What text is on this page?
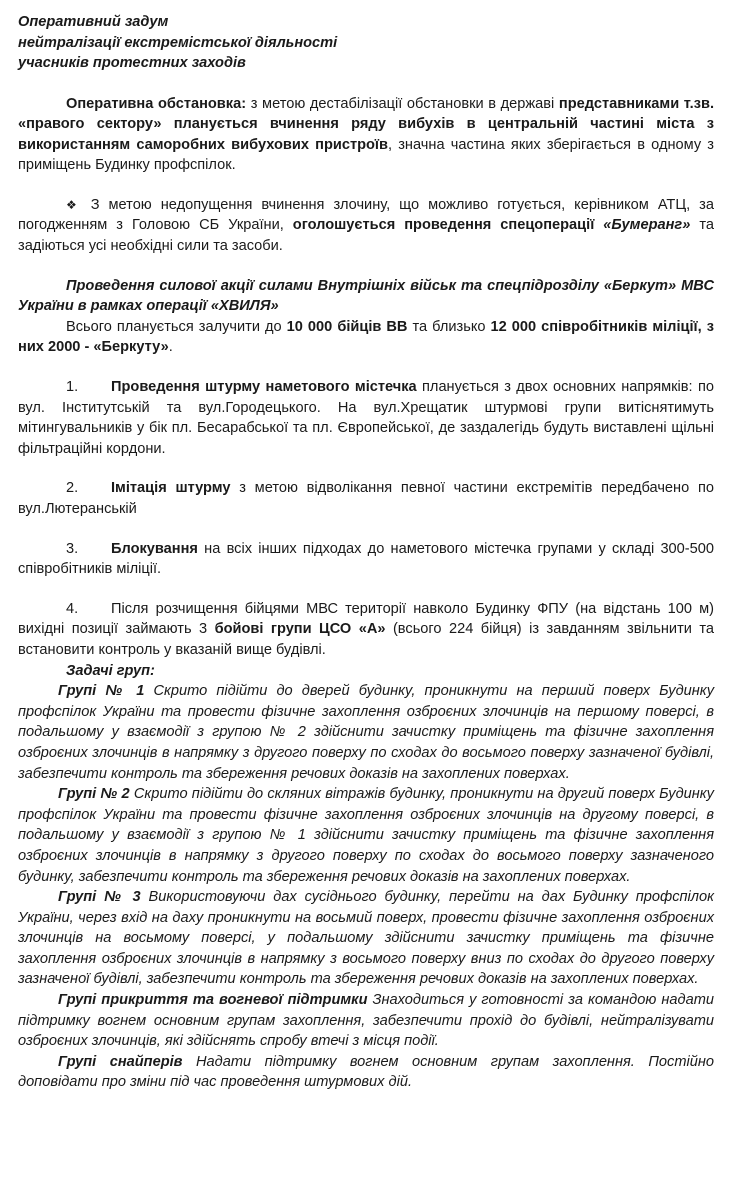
Оперативний задум
нейтралізації екстремістської діяльності
учасників протестних заходів

Оперативна обстановка: з метою дестабілізації обстановки в державі представниками т.зв. «правого сектору» планується вчинення ряду вибухів в центральній частині міста з використанням саморобних вибухових пристроїв, значна частина яких зберігається в одному з приміщень Будинку профспілок.

❖ З метою недопущення вчинення злочину, що можливо готується, керівником АТЦ, за погодженням з Головою СБ України, оголошується проведення спецоперації «Бумеранг» та задіються усі необхідні сили та засоби.

Проведення силової акції силами Внутрішніх військ та спецпідрозділу «Беркут» МВС України в рамках операції «ХВИЛЯ»

Всього планується залучити до 10 000 бійців ВВ та близько 12 000 співробітників міліції, з них 2000 - «Беркуту».

1. Проведення штурму наметового містечка планується з двох основних напрямків: по вул. Інститутській та вул.Городецького. На вул.Хрещатик штурмові групи витіснятимуть мітингувальників у бік пл. Бесарабської та пл. Європейської, де заздалегідь будуть виставлені щільні фільтраційні кордони.

2. Імітація штурму з метою відволікання певної частини екстремітів передбачено по вул.Лютеранській

3. Блокування на всіх інших підходах до наметового містечка групами у складі 300-500 співробітників міліції.

4. Після розчищення бійцями МВС території навколо Будинку ФПУ (на відстань 100 м) вихідні позиції займають 3 бойові групи ЦСО «А» (всього 224 бійця) із завданням звільнити та встановити контроль у вказаній вище будівлі.

Задачі груп:

Групі № 1 Скрито підійти до дверей будинку, проникнути на перший поверх Будинку профспілок України та провести фізичне захоплення озброєних злочинців на першому поверсі, в подальшому у взаємодії з групою № 2 здійснити зачистку приміщень та фізичне захоплення озброєних злочинців в напрямку з другого поверху по сходах до восьмого поверху зазначеної будівлі, забезпечити контроль та збереження речових доказів на захоплених поверхах.

Групі № 2 Скрито підійти до скляних вітражів будинку, проникнути на другий поверх Будинку профспілок України та провести фізичне захоплення озброєних злочинців на другому поверсі, в подальшому у взаємодії з групою № 1 здійснити зачистку приміщень та фізичне захоплення озброєних злочинців в напрямку з другого поверху по сходах до восьмого поверху зазначеного будинку, забезпечити контроль та збереження речових доказів на захоплених поверхах.

Групі № 3 Використовуючи дах сусіднього будинку, перейти на дах Будинку профспілок України, через вхід на даху проникнути на восьмий поверх, провести фізичне захоплення озброєних злочинців на восьмому поверсі, у подальшому здійснити зачистку приміщень та фізичне захоплення озброєних злочинців в напрямку з восьмого поверху вниз по сходах до другого поверху зазначеної будівлі, забезпечити контроль та збереження речових доказів на захоплених поверхах.

Групі прикриття та вогневої підтримки Знаходиться у готовності за командою надати підтримку вогнем основним групам захоплення, забезпечити прохід до будівлі, нейтралізувати озброєних злочинців, які здійснять спробу втечі з місця події.

Групі снайперів Надати підтримку вогнем основним групам захоплення. Постійно доповідати про зміни під час проведення штурмових дій.
